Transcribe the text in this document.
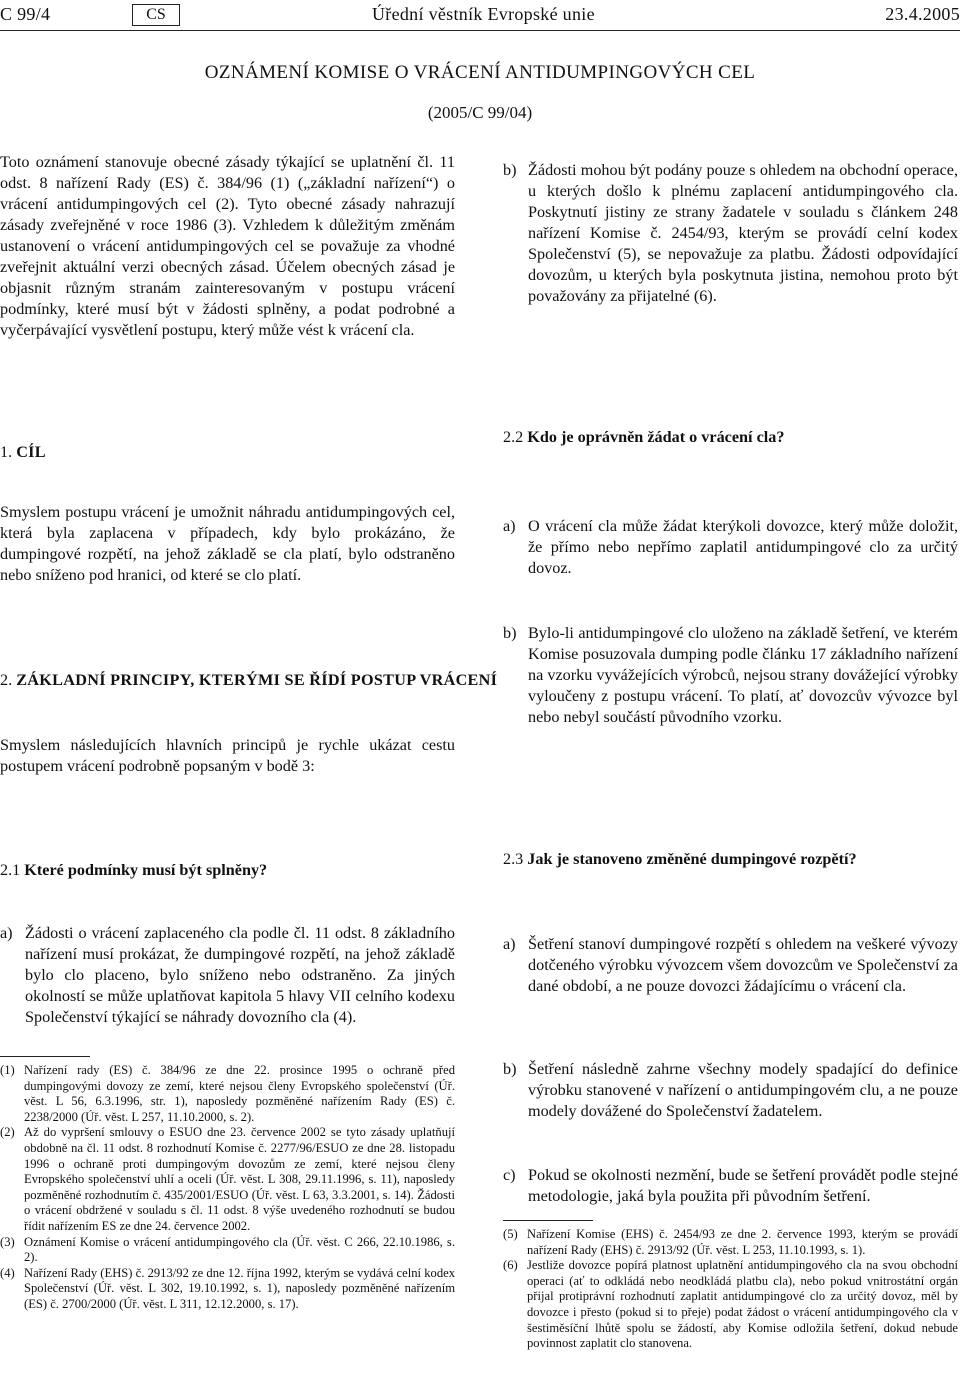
C 99/4	CS	Úřední věstník Evropské unie	23.4.2005
OZNÁMENÍ KOMISE O VRÁCENÍ ANTIDUMPINGOVÝCH CEL
(2005/C 99/04)

Toto oznámení stanovuje obecné zásady týkající se uplatnění čl. 11 odst. 8 nařízení Rady (ES) č. 384/96 (1) („základní nařízení“) o vrácení antidumpingových cel (2). Tyto obecné zásady nahrazují zásady zveřejněné v roce 1986 (3). Vzhledem k důležitým změnám ustanovení o vrácení antidumpingových cel se považuje za vhodné zveřejnit aktuální verzi obecných zásad. Účelem obecných zásad je objasnit různým stranám zainteresovaným v postupu vrácení podmínky, které musí být v žádosti splněny, a podat podrobné a vyčerpávající vysvětlení postupu, který může vést k vrácení cla.

b) Žádosti mohou být podány pouze s ohledem na obchodní operace, u kterých došlo k plnému zaplacení antidumpingového cla. Poskytnutí jistiny ze strany žadatele v souladu s článkem 248 nařízení Komise č. 2454/93, kterým se provádí celní kodex Společenství (5), se nepovažuje za platbu. Žádosti odpovídající dovozům, u kterých byla poskytnuta jistina, nemohou proto být považovány za přijatelné (6).
1. CÍL

Smyslem postupu vrácení je umožnit náhradu antidumpingových cel, která byla zaplacena v případech, kdy bylo prokázáno, že dumpingové rozpětí, na jehož základě se cla platí, bylo odstraněno nebo sníženo pod hranici, od které se clo platí.

2.2 Kdo je oprávněn žádat o vrácení cla?
a) O vrácení cla může žádat kterýkoli dovozce, který může doložit, že přímo nebo nepřímo zaplatil antidumpingové clo za určitý dovoz.
b) Bylo-li antidumpingové clo uloženo na základě šetření, ve kterém Komise posuzovala dumping podle článku 17 základního nařízení na vzorku vyvážejících výrobců, nejsou strany dovážející výrobky vyloučeny z postupu vrácení. To platí, ať dovozcův vývozce byl nebo nebyl součástí původního vzorku.
2. ZÁKLADNÍ PRINCIPY, KTERÝMI SE ŘÍDÍ POSTUP VRÁCENÍ

Smyslem následujících hlavních principů je rychle ukázat cestu postupem vrácení podrobně popsaným v bodě 3:

2.1 Které podmínky musí být splněny?
a) Žádosti o vrácení zaplaceného cla podle čl. 11 odst. 8 základního nařízení musí prokázat, že dumpingové rozpětí, na jehož základě bylo clo placeno, bylo sníženo nebo odstraněno. Za jiných okolností se může uplatňovat kapitola 5 hlavy VII celního kodexu Společenství týkající se náhrady dovozního cla (4).
2.3 Jak je stanoveno změněné dumpingové rozpětí?
a) Šetření stanoví dumpingové rozpětí s ohledem na veškeré vývozy dotčeného výrobku vývozcem všem dovozcům ve Společenství za dané období, a ne pouze dovozci žádajícímu o vrácení cla.
b) Šetření následně zahrne všechny modely spadající do definice výrobku stanovené v nařízení o antidumpingovém clu, a ne pouze modely dovážené do Společenství žadatelem.
c) Pokud se okolnosti nezmění, bude se šetření provádět podle stejné metodologie, jaká byla použita při původním šetření.
(1) Nařízení rady (ES) č. 384/96 ze dne 22. prosince 1995 o ochraně před dumpingovými dovozy ze zemí, které nejsou členy Evropského společenství (Úř. věst. L 56, 6.3.1996, str. 1), naposledy pozměněné nařízením Rady (ES) č. 2238/2000 (Úř. věst. L 257, 11.10.2000, s. 2).
(2) Až do vypršení smlouvy o ESUO dne 23. července 2002 se tyto zásady uplatňují obdobně na čl. 11 odst. 8 rozhodnutí Komise č. 2277/96/ESUO ze dne 28. listopadu 1996 o ochraně proti dumpingovým dovozům ze zemí, které nejsou členy Evropského společenství uhlí a oceli (Úř. věst. L 308, 29.11.1996, s. 11), naposledy pozměněné rozhodnutím č. 435/2001/ESUO (Úř. věst. L 63, 3.3.2001, s. 14). Žádosti o vrácení obdržené v souladu s čl. 11 odst. 8 výše uvedeného rozhodnutí se budou řídit nařízením ES ze dne 24. července 2002.
(3) Oznámení Komise o vrácení antidumpingového cla (Úř. věst. C 266, 22.10.1986, s. 2).
(4) Nařízení Rady (EHS) č. 2913/92 ze dne 12. října 1992, kterým se vydává celní kodex Společenství (Úř. věst. L 302, 19.10.1992, s. 1), naposledy pozměněné nařízením (ES) č. 2700/2000 (Úř. věst. L 311, 12.12.2000, s. 17).
(5) Nařízení Komise (EHS) č. 2454/93 ze dne 2. července 1993, kterým se provádí nařízení Rady (EHS) č. 2913/92 (Úř. věst. L 253, 11.10.1993, s. 1).
(6) Jestliže dovozce popírá platnost uplatnění antidumpingového cla na svou obchodní operaci (ať to odkládá nebo neodkládá platbu cla), nebo pokud vnitrostátní orgán přijal protiprávní rozhodnutí zaplatit antidumpingové clo za určitý dovoz, měl by dovozce i přesto (pokud si to přeje) podat žádost o vrácení antidumpingového cla v šestiměsíční lhůtě spolu se žádostí, aby Komise odložila šetření, dokud nebude povinnost zaplatit clo stanovena.
